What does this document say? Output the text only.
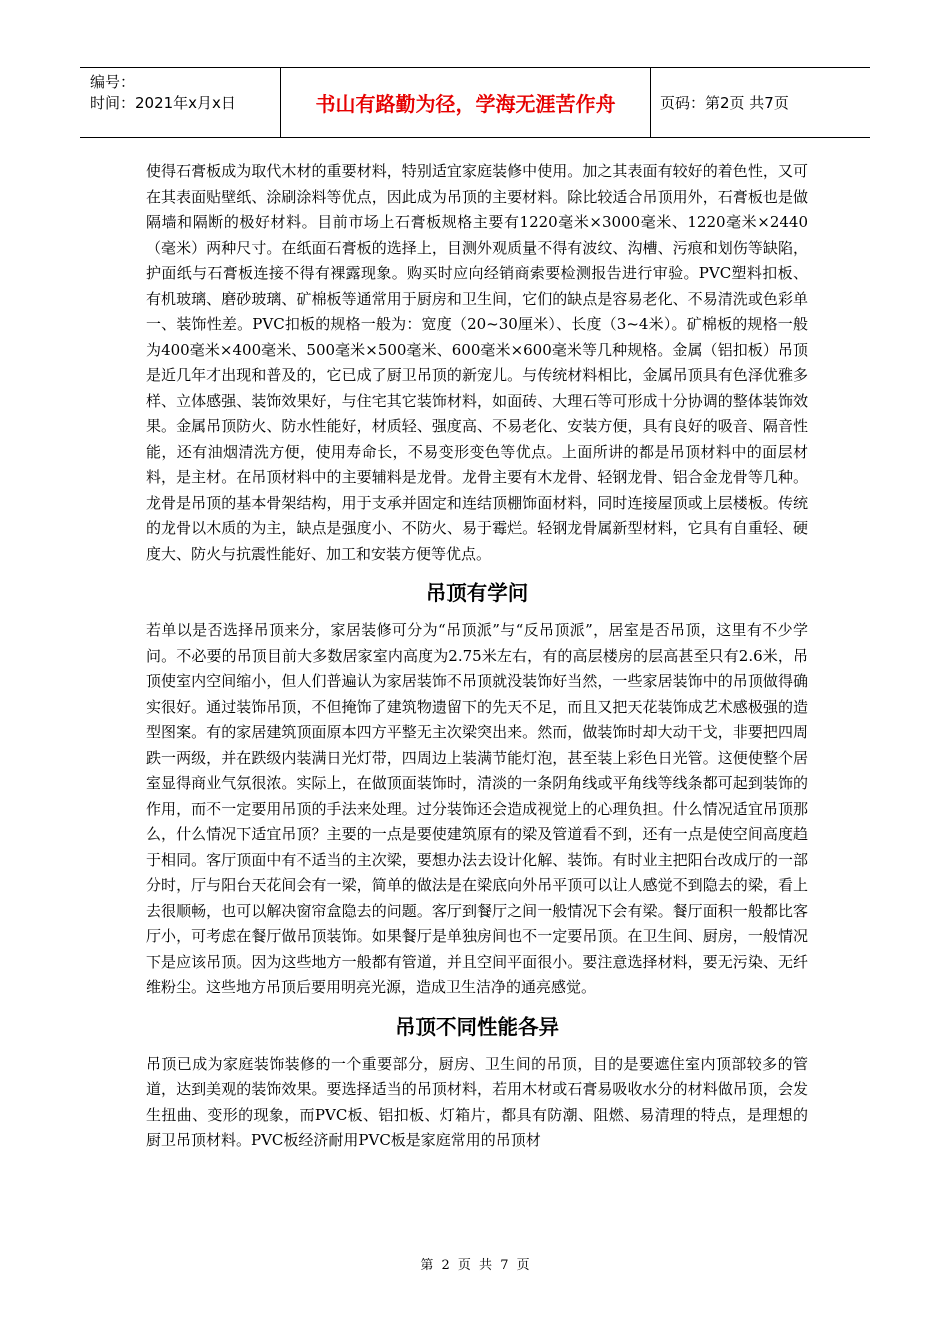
编号：
时间：2021年x月x日	书山有路勤为径，学海无涯苦作舟	页码：第2页 共7页

使得石膏板成为取代木材的重要材料，特别适宜家庭装修中使用。加之其表面有较好的着色性，又可在其表面贴壁纸、涂刷涂料等优点，因此成为吊顶的主要材料。除比较适合吊顶用外，石膏板也是做隔墙和隔断的极好材料。目前市场上石膏板规格主要有1220毫米×3000毫米、1220毫米×2440（毫米）两种尺寸。在纸面石膏板的选择上，目测外观质量不得有波纹、沟槽、污痕和划伤等缺陷，护面纸与石膏板连接不得有裸露现象。购买时应向经销商索要检测报告进行审验。PVC塑料扣板、有机玻璃、磨砂玻璃、矿棉板等通常用于厨房和卫生间，它们的缺点是容易老化、不易清洗或色彩单一、装饰性差。PVC扣板的规格一般为：宽度（20~30厘米）、长度（3~4米）。矿棉板的规格一般为400毫米×400毫米、500毫米×500毫米、600毫米×600毫米等几种规格。金属（铝扣板）吊顶是近几年才出现和普及的，它已成了厨卫吊顶的新宠儿。与传统材料相比，金属吊顶具有色泽优雅多样、立体感强、装饰效果好，与住宅其它装饰材料，如面砖、大理石等可形成十分协调的整体装饰效果。金属吊顶防火、防水性能好，材质轻、强度高、不易老化、安装方便，具有良好的吸音、隔音性能，还有油烟清洗方便，使用寿命长，不易变形变色等优点。上面所讲的都是吊顶材料中的面层材料，是主材。在吊顶材料中的主要辅料是龙骨。龙骨主要有木龙骨、轻钢龙骨、铝合金龙骨等几种。龙骨是吊顶的基本骨架结构，用于支承并固定和连结顶棚饰面材料，同时连接屋顶或上层楼板。传统的龙骨以木质的为主，缺点是强度小、不防火、易于霉烂。轻钢龙骨属新型材料，它具有自重轻、硬度大、防火与抗震性能好、加工和安装方便等优点。

吊顶有学问

若单以是否选择吊顶来分，家居装修可分为“吊顶派”与“反吊顶派”，居室是否吊顶，这里有不少学问。不必要的吊顶目前大多数居家室内高度为2.75米左右，有的高层楼房的层高甚至只有2.6米，吊顶使室内空间缩小，但人们普遍认为家居装饰不吊顶就没装饰好当然，一些家居装饰中的吊顶做得确实很好。通过装饰吊顶，不但掩饰了建筑物遗留下的先天不足，而且又把天花装饰成艺术感极强的造型图案。有的家居建筑顶面原本四方平整无主次梁突出来。然而，做装饰时却大动干戈，非要把四周跌一两级，并在跌级内装满日光灯带，四周边上装满节能灯泡，甚至装上彩色日光管。这便使整个居室显得商业气氛很浓。实际上，在做顶面装饰时，清淡的一条阴角线或平角线等线条都可起到装饰的作用，而不一定要用吊顶的手法来处理。过分装饰还会造成视觉上的心理负担。什么情况适宜吊顶那么，什么情况下适宜吊顶？主要的一点是要使建筑原有的梁及管道看不到，还有一点是使空间高度趋于相同。客厅顶面中有不适当的主次梁，要想办法去设计化解、装饰。有时业主把阳台改成厅的一部分时，厅与阳台天花间会有一梁，简单的做法是在梁底向外吊平顶可以让人感觉不到隐去的梁，看上去很顺畅，也可以解决窗帘盒隐去的问题。客厅到餐厅之间一般情况下会有梁。餐厅面积一般都比客厅小，可考虑在餐厅做吊顶装饰。如果餐厅是单独房间也不一定要吊顶。在卫生间、厨房，一般情况下是应该吊顶。因为这些地方一般都有管道，并且空间平面很小。要注意选择材料，要无污染、无纤维粉尘。这些地方吊顶后要用明亮光源，造成卫生洁净的通亮感觉。

吊顶不同性能各异

吊顶已成为家庭装饰装修的一个重要部分，厨房、卫生间的吊顶，目的是要遮住室内顶部较多的管道，达到美观的装饰效果。要选择适当的吊顶材料，若用木材或石膏易吸收水分的材料做吊顶，会发生扭曲、变形的现象，而PVC板、铝扣板、灯箱片，都具有防潮、阻燃、易清理的特点，是理想的厨卫吊顶材料。PVC板经济耐用PVC板是家庭常用的吊顶材

第 2 页 共 7 页
